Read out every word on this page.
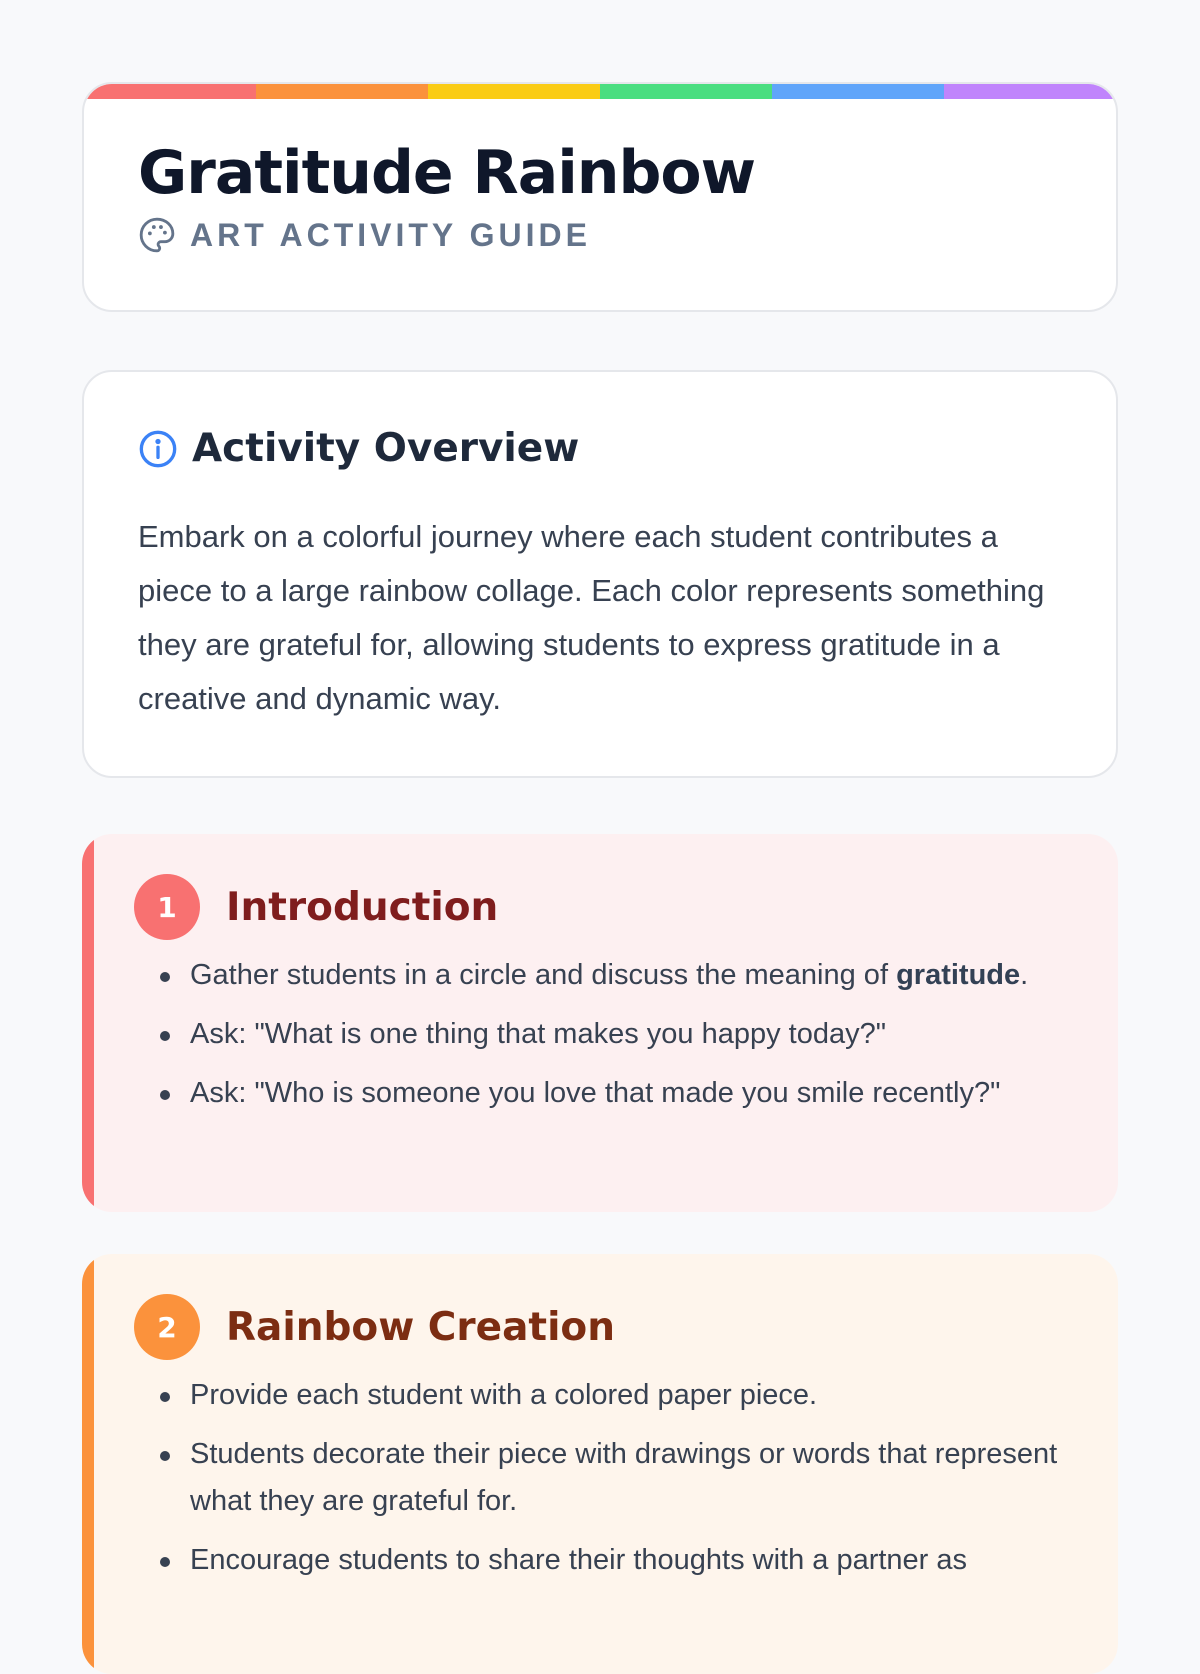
Gratitude Rainbow
ART ACTIVITY GUIDE
Activity Overview

Embark on a colorful journey where each student contributes a piece to a large rainbow collage. Each color represents something they are grateful for, allowing students to express gratitude in a creative and dynamic way.

1	Introduction
Gather students in a circle and discuss the meaning of gratitude.
Ask: "What is one thing that makes you happy today?"
Ask: "Who is someone you love that made you smile recently?"
2	Rainbow Creation
Provide each student with a colored paper piece.
Students decorate their piece with drawings or words that represent what they are grateful for.
Encourage students to share their thoughts with a partner as
